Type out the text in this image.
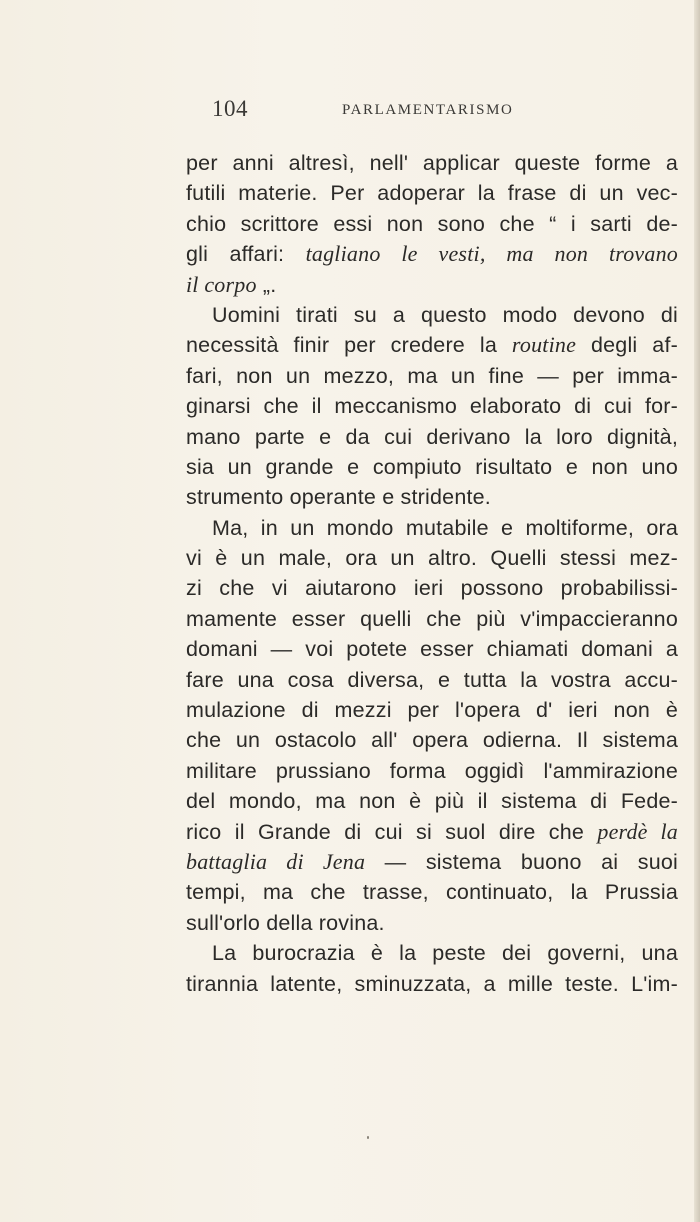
104	PARLAMENTARISMO
per anni altresì, nell' applicar queste forme a
futili materie. Per adoperar la frase di un vec-
chio scrittore essi non sono che “ i sarti de-
gli affari: tagliano le vesti, ma non trovano
il corpo „.
Uomini tirati su a questo modo devono di
necessità finir per credere la routine degli af-
fari, non un mezzo, ma un fine — per imma-
ginarsi che il meccanismo elaborato di cui for-
mano parte e da cui derivano la loro dignità,
sia un grande e compiuto risultato e non uno
strumento operante e stridente.
Ma, in un mondo mutabile e moltiforme, ora
vi è un male, ora un altro. Quelli stessi mez-
zi che vi aiutarono ieri possono probabilissi-
mamente esser quelli che più v'impaccieranno
domani — voi potete esser chiamati domani a
fare una cosa diversa, e tutta la vostra accu-
mulazione di mezzi per l'opera d' ieri non è
che un ostacolo all' opera odierna. Il sistema
militare prussiano forma oggidì l'ammirazione
del mondo, ma non è più il sistema di Fede-
rico il Grande di cui si suol dire che perdè la
battaglia di Jena — sistema buono ai suoi
tempi, ma che trasse, continuato, la Prussia
sull'orlo della rovina.
La burocrazia è la peste dei governi, una
tirannia latente, sminuzzata, a mille teste. L'im-
